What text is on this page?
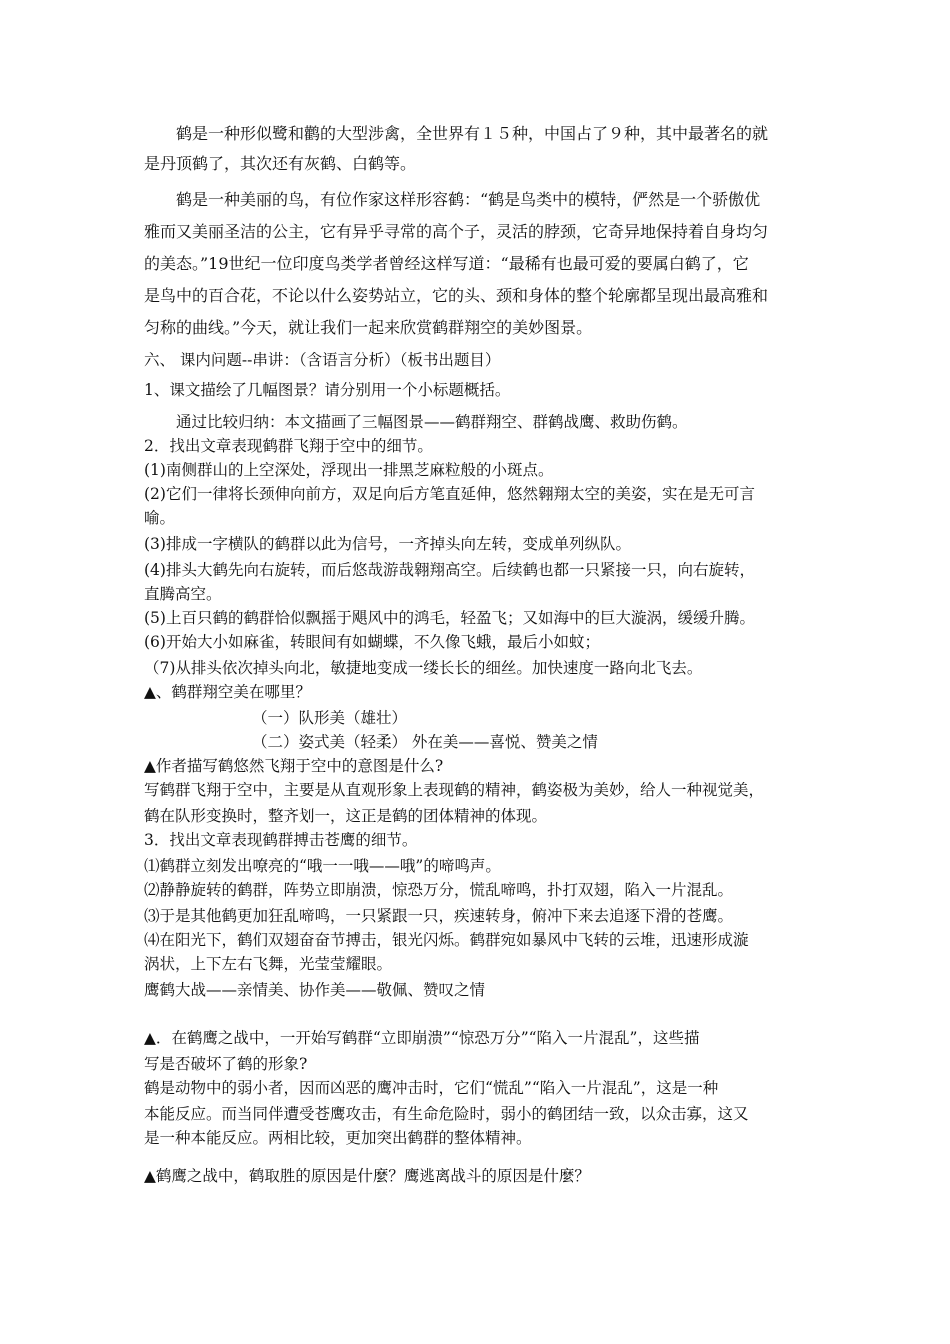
鹤是一种形似鹭和鹳的大型涉禽，全世界有１５种，中国占了９种，其中最著名的就
是丹顶鹤了，其次还有灰鹤、白鹤等。
鹤是一种美丽的鸟，有位作家这样形容鹤：“鹤是鸟类中的模特，俨然是一个骄傲优
雅而又美丽圣洁的公主，它有异乎寻常的高个子，灵活的脖颈，它奇异地保持着自身均匀
的美态。”19世纪一位印度鸟类学者曾经这样写道：“最稀有也最可爱的要属白鹤了，它
是鸟中的百合花，不论以什么姿势站立，它的头、颈和身体的整个轮廓都呈现出最高雅和
匀称的曲线。”今天，就让我们一起来欣赏鹤群翔空的美妙图景。
六、 课内问题--串讲：（含语言分析）（板书出题目）
1、课文描绘了几幅图景？请分别用一个小标题概括。
通过比较归纳：本文描画了三幅图景——鹤群翔空、群鹤战鹰、救助伤鹤。
2．找出文章表现鹤群飞翔于空中的细节。
(1)南侧群山的上空深处，浮现出一排黑芝麻粒般的小斑点。
(2)它们一律将长颈伸向前方，双足向后方笔直延伸，悠然翱翔太空的美姿，实在是无可言
喻。
(3)排成一字横队的鹤群以此为信号，一齐掉头向左转，变成单列纵队。
(4)排头大鹤先向右旋转，而后悠哉游哉翱翔高空。后续鹤也都一只紧接一只，向右旋转，
直腾高空。
(5)上百只鹤的鹤群恰似飘摇于飓风中的鸿毛，轻盈飞；又如海中的巨大漩涡，缓缓升腾。
(6)开始大小如麻雀，转眼间有如蝴蝶，不久像飞蛾，最后小如蚊；
（7)从排头依次掉头向北，敏捷地变成一缕长长的细丝。加快速度一路向北飞去。
▲、鹤群翔空美在哪里？
（一）队形美（雄壮）
（二）姿式美（轻柔） 外在美——喜悦、赞美之情
▲作者描写鹤悠然飞翔于空中的意图是什么?
写鹤群飞翔于空中，主要是从直观形象上表现鹤的精神，鹤姿极为美妙，给人一种视觉美，
鹤在队形变换时，整齐划一，这正是鹤的团体精神的体现。
3．找出文章表现鹤群搏击苍鹰的细节。
⑴鹤群立刻发出嘹亮的“哦一一哦——哦”的啼鸣声。
⑵静静旋转的鹤群，阵势立即崩溃，惊恐万分，慌乱啼鸣，扑打双翅，陷入一片混乱。
⑶于是其他鹤更加狂乱啼鸣，一只紧跟一只，疾速转身，俯冲下来去追逐下滑的苍鹰。
⑷在阳光下，鹤们双翅奋奋节搏击，银光闪烁。鹤群宛如暴风中飞转的云堆，迅速形成漩
涡状，上下左右飞舞，光莹莹耀眼。
鹰鹤大战——亲情美、协作美——敬佩、赞叹之情
▲．在鹤鹰之战中，一开始写鹤群“立即崩溃”“惊恐万分”“陷入一片混乱”，这些描
写是否破坏了鹤的形象?
鹤是动物中的弱小者，因而凶恶的鹰冲击时，它们“慌乱”“陷入一片混乱”，这是一种
本能反应。而当同伴遭受苍鹰攻击，有生命危险时，弱小的鹤团结一致，以众击寡，这又
是一种本能反应。两相比较，更加突出鹤群的整体精神。
▲鹤鹰之战中，鹤取胜的原因是什麼？鹰逃离战斗的原因是什麼？
